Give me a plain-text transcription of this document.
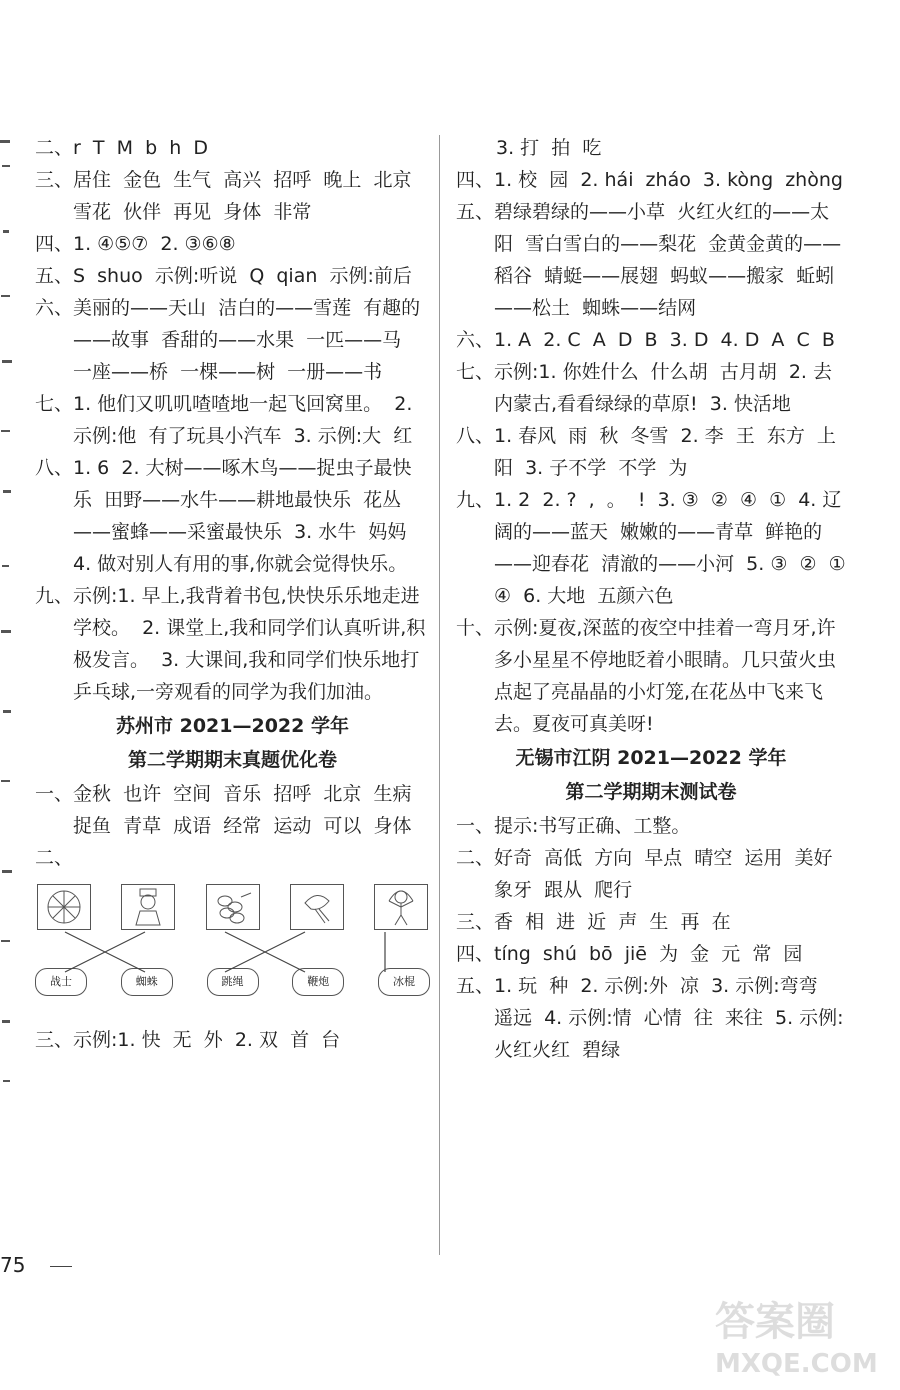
二、 r  T  M  b  h  D
三、 居住  金色  生气  高兴  招呼  晚上  北京  雪花  伙伴  再见  身体  非常
四、 1. ④⑤⑦  2. ③⑥⑧
五、 S  shuo  示例:听说  Q  qian  示例:前后
六、 美丽的——天山  洁白的——雪莲  有趣的——故事  香甜的——水果  一匹——马  一座——桥  一棵——树  一册——书
七、 1. 他们又叽叽喳喳地一起飞回窝里。  2. 示例:他  有了玩具小汽车  3. 示例:大  红
八、 1. 6  2. 大树——啄木鸟——捉虫子最快乐  田野——水牛——耕地最快乐  花丛——蜜蜂——采蜜最快乐  3. 水牛  妈妈  4. 做对别人有用的事,你就会觉得快乐。
九、 示例:1. 早上,我背着书包,快快乐乐地走进学校。  2. 课堂上,我和同学们认真听讲,积极发言。  3. 大课间,我和同学们快乐地打乒乓球,一旁观看的同学为我们加油。
苏州市 2021—2022 学年
第二学期期末真题优化卷
一、 金秋  也许  空间  音乐  招呼  北京  生病  捉鱼  青草  成语  经常  运动  可以  身体
二、
战士	蜘蛛	跳绳	鞭炮	冰棍
三、 示例:1. 快  无  外  2. 双  首  台
3. 打  拍  吃
四、 1. 校  园  2. hái  zháo  3. kòng  zhòng
五、 碧绿碧绿的——小草  火红火红的——太阳  雪白雪白的——梨花  金黄金黄的——稻谷  蜻蜓——展翅  蚂蚁——搬家  蚯蚓——松土  蜘蛛——结网
六、 1. A  2. C  A  D  B  3. D  4. D  A  C  B
七、 示例:1. 你姓什么  什么胡  古月胡  2. 去内蒙古,看看绿绿的草原!  3. 快活地
八、 1. 春风  雨  秋  冬雪  2. 李  王  东方  上  阳  3. 子不学  不学  为
九、 1. 2  2. ?  ,  。  !  3. ③  ②  ④  ①  4. 辽阔的——蓝天  嫩嫩的——青草  鲜艳的——迎春花  清澈的——小河  5. ③  ②  ①  ④  6. 大地  五颜六色
十、 示例:夏夜,深蓝的夜空中挂着一弯月牙,许多小星星不停地眨着小眼睛。几只萤火虫点起了亮晶晶的小灯笼,在花丛中飞来飞去。夏夜可真美呀!
无锡市江阴 2021—2022 学年
第二学期期末测试卷
一、 提示:书写正确、工整。
二、 好奇  高低  方向  早点  晴空  运用  美好  象牙  跟从  爬行
三、 香  相  进  近  声  生  再  在
四、 tíng  shú  bō  jiē  为  金  元  常  园
五、 1. 玩  种  2. 示例:外  凉  3. 示例:弯弯  遥远  4. 示例:情  心情  往  来往  5. 示例:火红火红  碧绿
75
答案圈
MXQE.COM
